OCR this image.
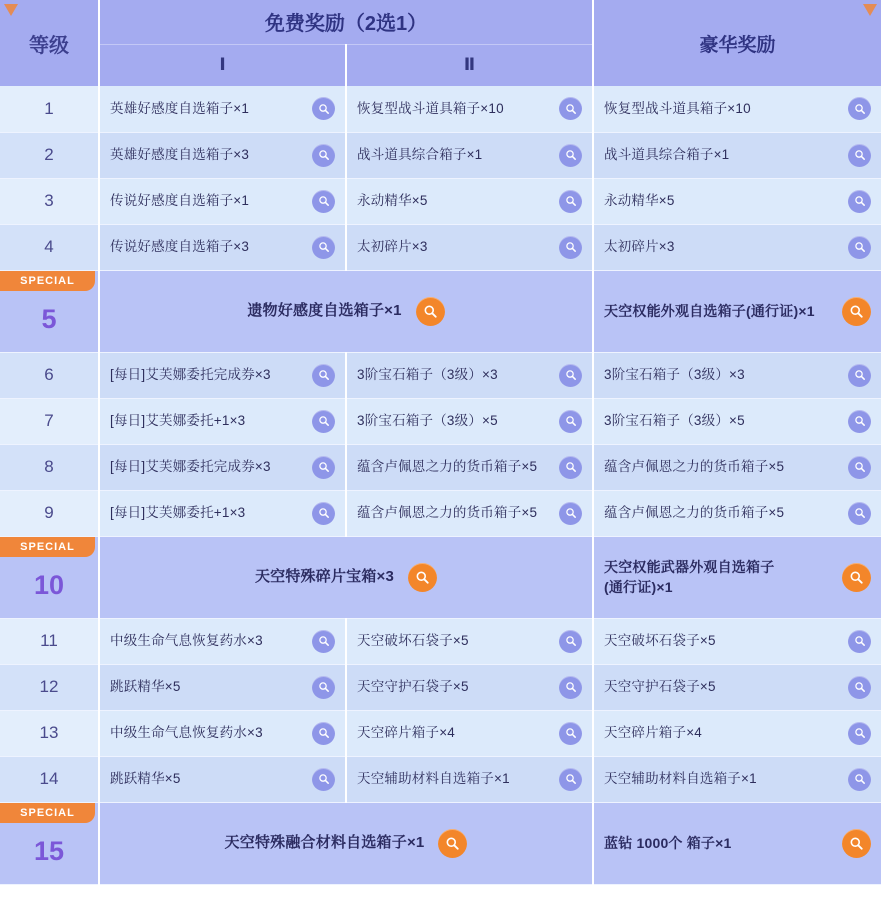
等级	免费奖励（2选1）		豪华奖励
	Ⅰ	Ⅱ	
1	英雄好感度自选箱子×1	恢复型战斗道具箱子×10	恢复型战斗道具箱子×10

2	英雄好感度自选箱子×3	战斗道具综合箱子×1	战斗道具综合箱子×1

3	传说好感度自选箱子×1	永动精华×5	永动精华×5

4	传说好感度自选箱子×3	太初碎片×3	太初碎片×3

SPECIAL
5	遗物好感度自选箱子×1		天空权能外观自选箱子(通行证)×1

6	[每日]艾芙娜委托完成券×3	3阶宝石箱子（3级）×3	3阶宝石箱子（3级）×3

7	[每日]艾芙娜委托+1×3	3阶宝石箱子（3级）×5	3阶宝石箱子（3级）×5

8	[每日]艾芙娜委托完成券×3	蕴含卢佩恩之力的货币箱子×5	蕴含卢佩恩之力的货币箱子×5

9	[每日]艾芙娜委托+1×3	蕴含卢佩恩之力的货币箱子×5	蕴含卢佩恩之力的货币箱子×5

SPECIAL
10	天空特殊碎片宝箱×3		天空权能武器外观自选箱子
(通行证)×1

11	中级生命气息恢复药水×3	天空破坏石袋子×5	天空破坏石袋子×5

12	跳跃精华×5	天空守护石袋子×5	天空守护石袋子×5

13	中级生命气息恢复药水×3	天空碎片箱子×4	天空碎片箱子×4

14	跳跃精华×5	天空辅助材料自选箱子×1	天空辅助材料自选箱子×1

SPECIAL
15	天空特殊融合材料自选箱子×1		蓝钻 1000个 箱子×1
